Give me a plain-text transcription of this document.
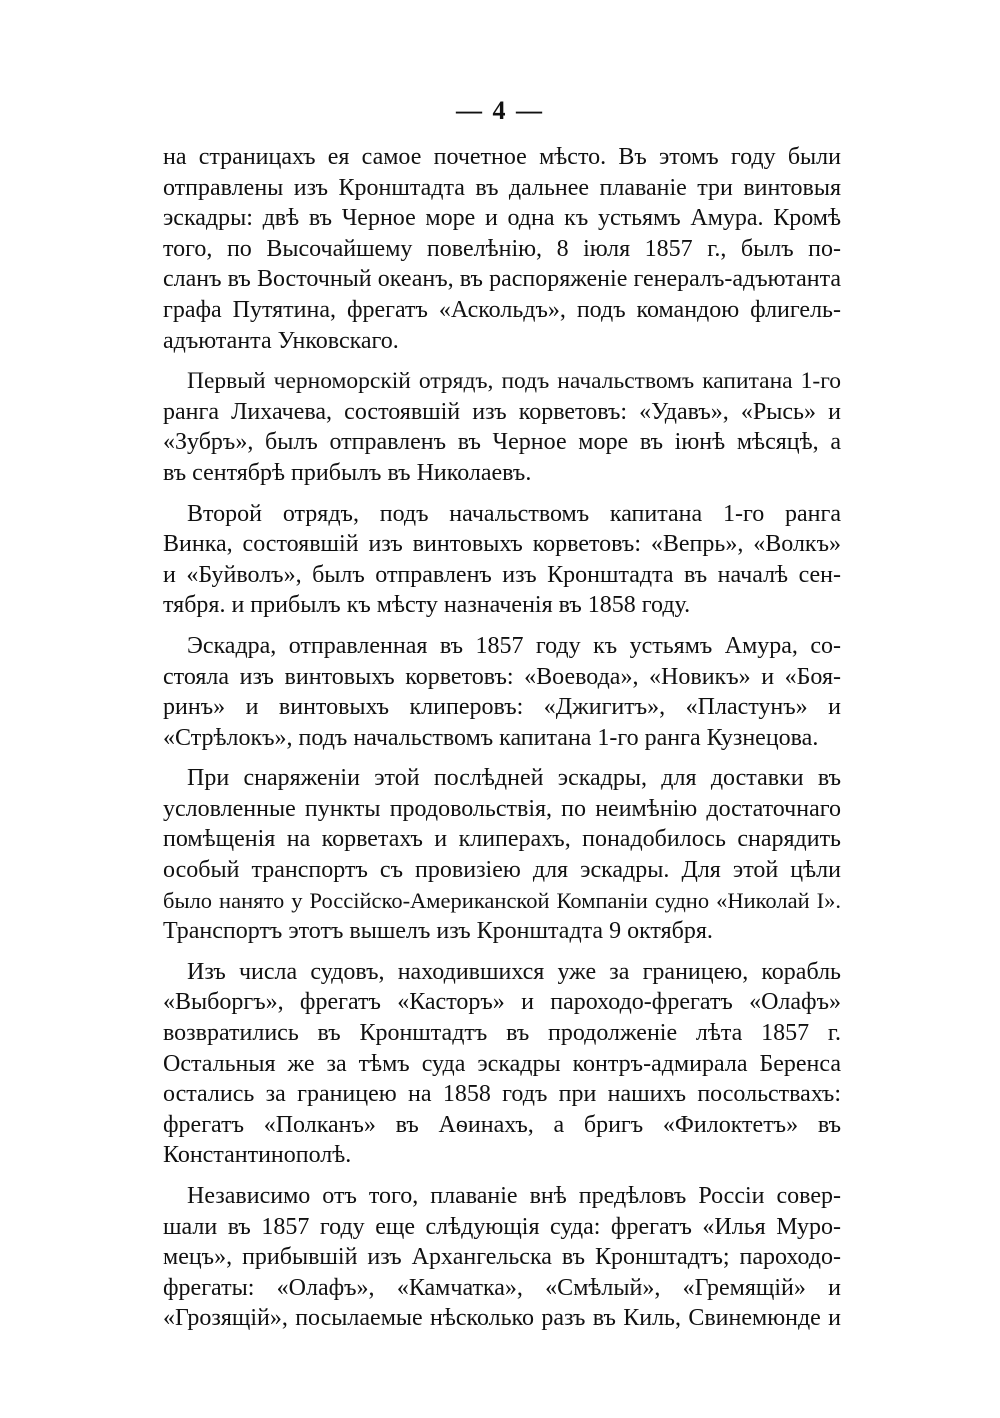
— 4 —
на страницахъ ея самое почетное мѣсто. Въ этомъ году были
отправлены изъ Кронштадта въ дальнее плаваніе три винтовыя
эскадры: двѣ въ Черное море и одна къ устьямъ Амура. Кромѣ
того, по Высочайшему повелѣнію, 8 іюля 1857 г., былъ по-
сланъ въ Восточный океанъ, въ распоряженіе генералъ-адъютанта
графа Путятина, фрегатъ «Аскольдъ», подъ командою флигель-
адъютанта Унковскаго.
Первый черноморскій отрядъ, подъ начальствомъ капитана 1-го
ранга Лихачева, состоявшій изъ корветовъ: «Удавъ», «Рысь» и
«Зубръ», былъ отправленъ въ Черное море въ іюнѣ мѣсяцѣ, а
въ сентябрѣ прибылъ въ Николаевъ.
Второй отрядъ, подъ начальствомъ капитана 1-го ранга
Винка, состоявшій изъ винтовыхъ корветовъ: «Вепрь», «Волкъ»
и «Буйволъ», былъ отправленъ изъ Кронштадта въ началѣ сен-
тября. и прибылъ къ мѣсту назначенія въ 1858 году.
Эскадра, отправленная въ 1857 году къ устьямъ Амура, со-
стояла изъ винтовыхъ корветовъ: «Воевода», «Новикъ» и «Боя-
ринъ» и винтовыхъ клиперовъ: «Джигитъ», «Пластунъ» и
«Стрѣлокъ», подъ начальствомъ капитана 1-го ранга Кузнецова.
При снаряженіи этой послѣдней эскадры, для доставки въ
условленные пункты продовольствія, по неимѣнію достаточнаго
помѣщенія на корветахъ и клиперахъ, понадобилось снарядить
особый транспортъ съ провизіею для эскадры. Для этой цѣли
было нанято у Россійско-Американской Компаніи судно «Николай I».
Транспортъ этотъ вышелъ изъ Кронштадта 9 октября.
Изъ числа судовъ, находившихся уже за границею, корабль
«Выборгъ», фрегатъ «Касторъ» и пароходо-фрегатъ «Олафъ»
возвратились въ Кронштадтъ въ продолженіе лѣта 1857 г.
Остальныя же за тѣмъ суда эскадры контръ-адмирала Беренса
остались за границею на 1858 годъ при нашихъ посольствахъ:
фрегатъ «Полканъ» въ Аѳинахъ, а бригъ «Филоктетъ» въ
Константинополѣ.
Независимо отъ того, плаваніе внѣ предѣловъ Россіи совер-
шали въ 1857 году еще слѣдующія суда: фрегатъ «Илья Муро-
мецъ», прибывшій изъ Архангельска въ Кронштадтъ; пароходо-
фрегаты: «Олафъ», «Камчатка», «Смѣлый», «Гремящій» и
«Грозящій», посылаемые нѣсколько разъ въ Киль, Свинемюнде и
